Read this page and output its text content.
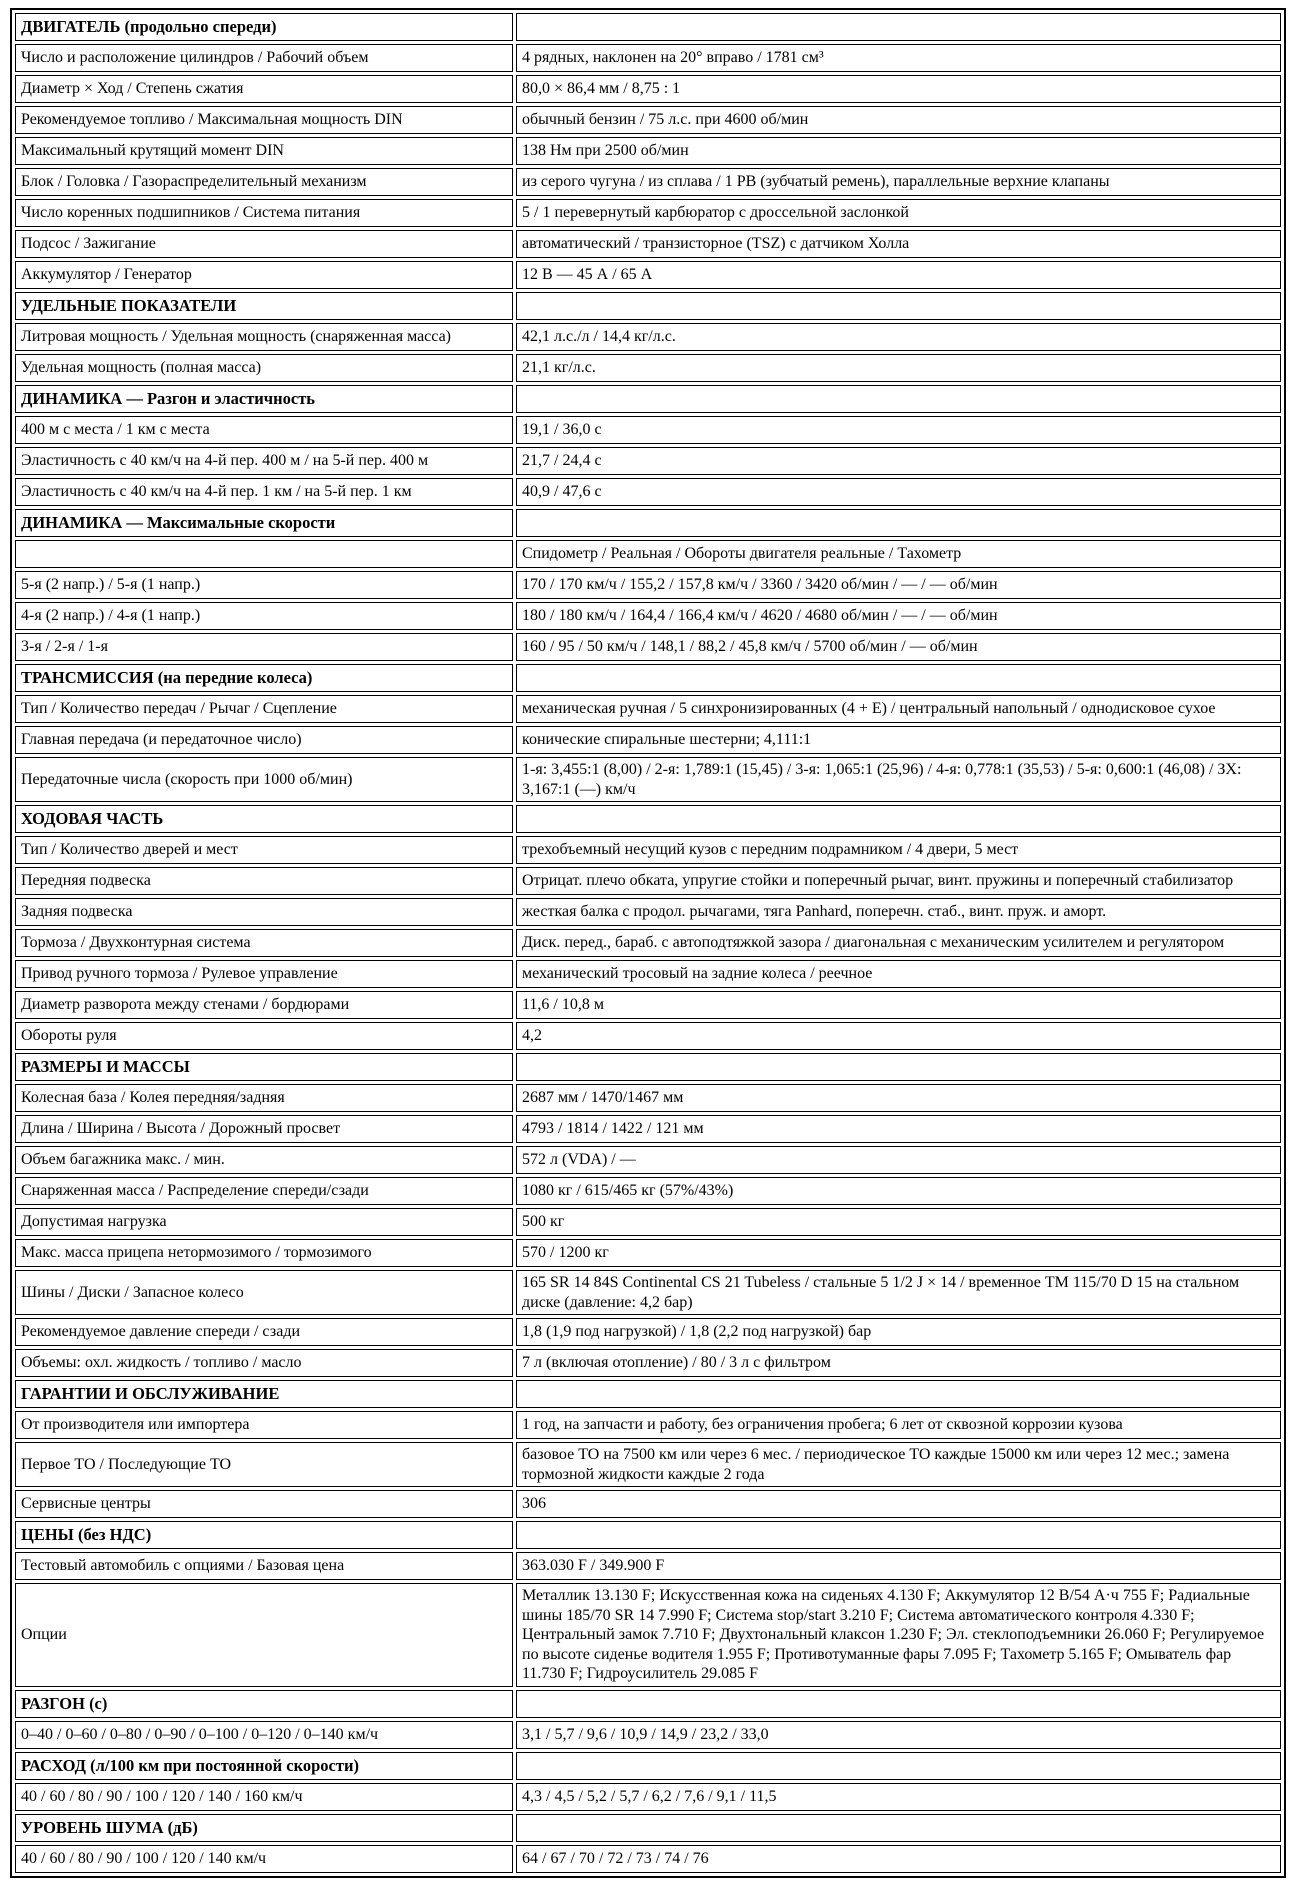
ДВИГАТЕЛЬ (продольно спереди)	
Число и расположение цилиндров / Рабочий объем	4 рядных, наклонен на 20° вправо / 1781 см³
Диаметр × Ход / Степень сжатия	80,0 × 86,4 мм / 8,75 : 1
Рекомендуемое топливо / Максимальная мощность DIN	обычный бензин / 75 л.с. при 4600 об/мин
Максимальный крутящий момент DIN	138 Нм при 2500 об/мин
Блок / Головка / Газораспределительный механизм	из серого чугуна / из сплава / 1 РВ (зубчатый ремень), параллельные верхние клапаны
Число коренных подшипников / Система питания	5 / 1 перевернутый карбюратор с дроссельной заслонкой
Подсос / Зажигание	автоматический / транзисторное (TSZ) с датчиком Холла
Аккумулятор / Генератор	12 В — 45 А / 65 А
УДЕЛЬНЫЕ ПОКАЗАТЕЛИ	
Литровая мощность / Удельная мощность (снаряженная масса)	42,1 л.с./л / 14,4 кг/л.с.
Удельная мощность (полная масса)	21,1 кг/л.с.
ДИНАМИКА — Разгон и эластичность	
400 м с места / 1 км с места	19,1 / 36,0 с
Эластичность с 40 км/ч на 4-й пер. 400 м / на 5-й пер. 400 м	21,7 / 24,4 с
Эластичность с 40 км/ч на 4-й пер. 1 км / на 5-й пер. 1 км	40,9 / 47,6 с
ДИНАМИКА — Максимальные скорости	
	Спидометр / Реальная / Обороты двигателя реальные / Тахометр
5-я (2 напр.) / 5-я (1 напр.)	170 / 170 км/ч / 155,2 / 157,8 км/ч / 3360 / 3420 об/мин / — / — об/мин
4-я (2 напр.) / 4-я (1 напр.)	180 / 180 км/ч / 164,4 / 166,4 км/ч / 4620 / 4680 об/мин / — / — об/мин
3-я / 2-я / 1-я	160 / 95 / 50 км/ч / 148,1 / 88,2 / 45,8 км/ч / 5700 об/мин / — об/мин
ТРАНСМИССИЯ (на передние колеса)	
Тип / Количество передач / Рычаг / Сцепление	механическая ручная / 5 синхронизированных (4 + E) / центральный напольный / однодисковое сухое
Главная передача (и передаточное число)	конические спиральные шестерни; 4,111:1
Передаточные числа (скорость при 1000 об/мин)	1-я: 3,455:1 (8,00) / 2-я: 1,789:1 (15,45) / 3-я: 1,065:1 (25,96) / 4-я: 0,778:1 (35,53) / 5-я: 0,600:1 (46,08) / ЗХ: 3,167:1 (—) км/ч
ХОДОВАЯ ЧАСТЬ	
Тип / Количество дверей и мест	трехобъемный несущий кузов с передним подрамником / 4 двери, 5 мест
Передняя подвеска	Отрицат. плечо обката, упругие стойки и поперечный рычаг, винт. пружины и поперечный стабилизатор
Задняя подвеска	жесткая балка с продол. рычагами, тяга Panhard, поперечн. стаб., винт. пруж. и аморт.
Тормоза / Двухконтурная система	Диск. перед., бараб. с автоподтяжкой зазора / диагональная с механическим усилителем и регулятором
Привод ручного тормоза / Рулевое управление	механический тросовый на задние колеса / реечное
Диаметр разворота между стенами / бордюрами	11,6 / 10,8 м
Обороты руля	4,2
РАЗМЕРЫ И МАССЫ	
Колесная база / Колея передняя/задняя	2687 мм / 1470/1467 мм
Длина / Ширина / Высота / Дорожный просвет	4793 / 1814 / 1422 / 121 мм
Объем багажника макс. / мин.	572 л (VDA) / —
Снаряженная масса / Распределение спереди/сзади	1080 кг / 615/465 кг (57%/43%)
Допустимая нагрузка	500 кг
Макс. масса прицепа нетормозимого / тормозимого	570 / 1200 кг
Шины / Диски / Запасное колесо	165 SR 14 84S Continental CS 21 Tubeless / стальные 5 1/2 J × 14 / временное TM 115/70 D 15 на стальном диске (давление: 4,2 бар)
Рекомендуемое давление спереди / сзади	1,8 (1,9 под нагрузкой) / 1,8 (2,2 под нагрузкой) бар
Объемы: охл. жидкость / топливо / масло	7 л (включая отопление) / 80 / 3 л с фильтром
ГАРАНТИИ И ОБСЛУЖИВАНИЕ	
От производителя или импортера	1 год, на запчасти и работу, без ограничения пробега; 6 лет от сквозной коррозии кузова
Первое ТО / Последующие ТО	базовое ТО на 7500 км или через 6 мес. / периодическое ТО каждые 15000 км или через 12 мес.; замена тормозной жидкости каждые 2 года
Сервисные центры	306
ЦЕНЫ (без НДС)	
Тестовый автомобиль с опциями / Базовая цена	363.030 F / 349.900 F
Опции	Металлик 13.130 F; Искусственная кожа на сиденьях 4.130 F; Аккумулятор 12 В/54 А·ч 755 F; Радиальные шины 185/70 SR 14 7.990 F; Система stop/start 3.210 F; Система автоматического контроля 4.330 F; Центральный замок 7.710 F; Двухтональный клаксон 1.230 F; Эл. стеклоподъемники 26.060 F; Регулируемое по высоте сиденье водителя 1.955 F; Противотуманные фары 7.095 F; Тахометр 5.165 F; Омыватель фар 11.730 F; Гидроусилитель 29.085 F
РАЗГОН (с)	
0–40 / 0–60 / 0–80 / 0–90 / 0–100 / 0–120 / 0–140 км/ч	3,1 / 5,7 / 9,6 / 10,9 / 14,9 / 23,2 / 33,0
РАСХОД (л/100 км при постоянной скорости)	
40 / 60 / 80 / 90 / 100 / 120 / 140 / 160 км/ч	4,3 / 4,5 / 5,2 / 5,7 / 6,2 / 7,6 / 9,1 / 11,5
УРОВЕНЬ ШУМА (дБ)	
40 / 60 / 80 / 90 / 100 / 120 / 140 км/ч	64 / 67 / 70 / 72 / 73 / 74 / 76
